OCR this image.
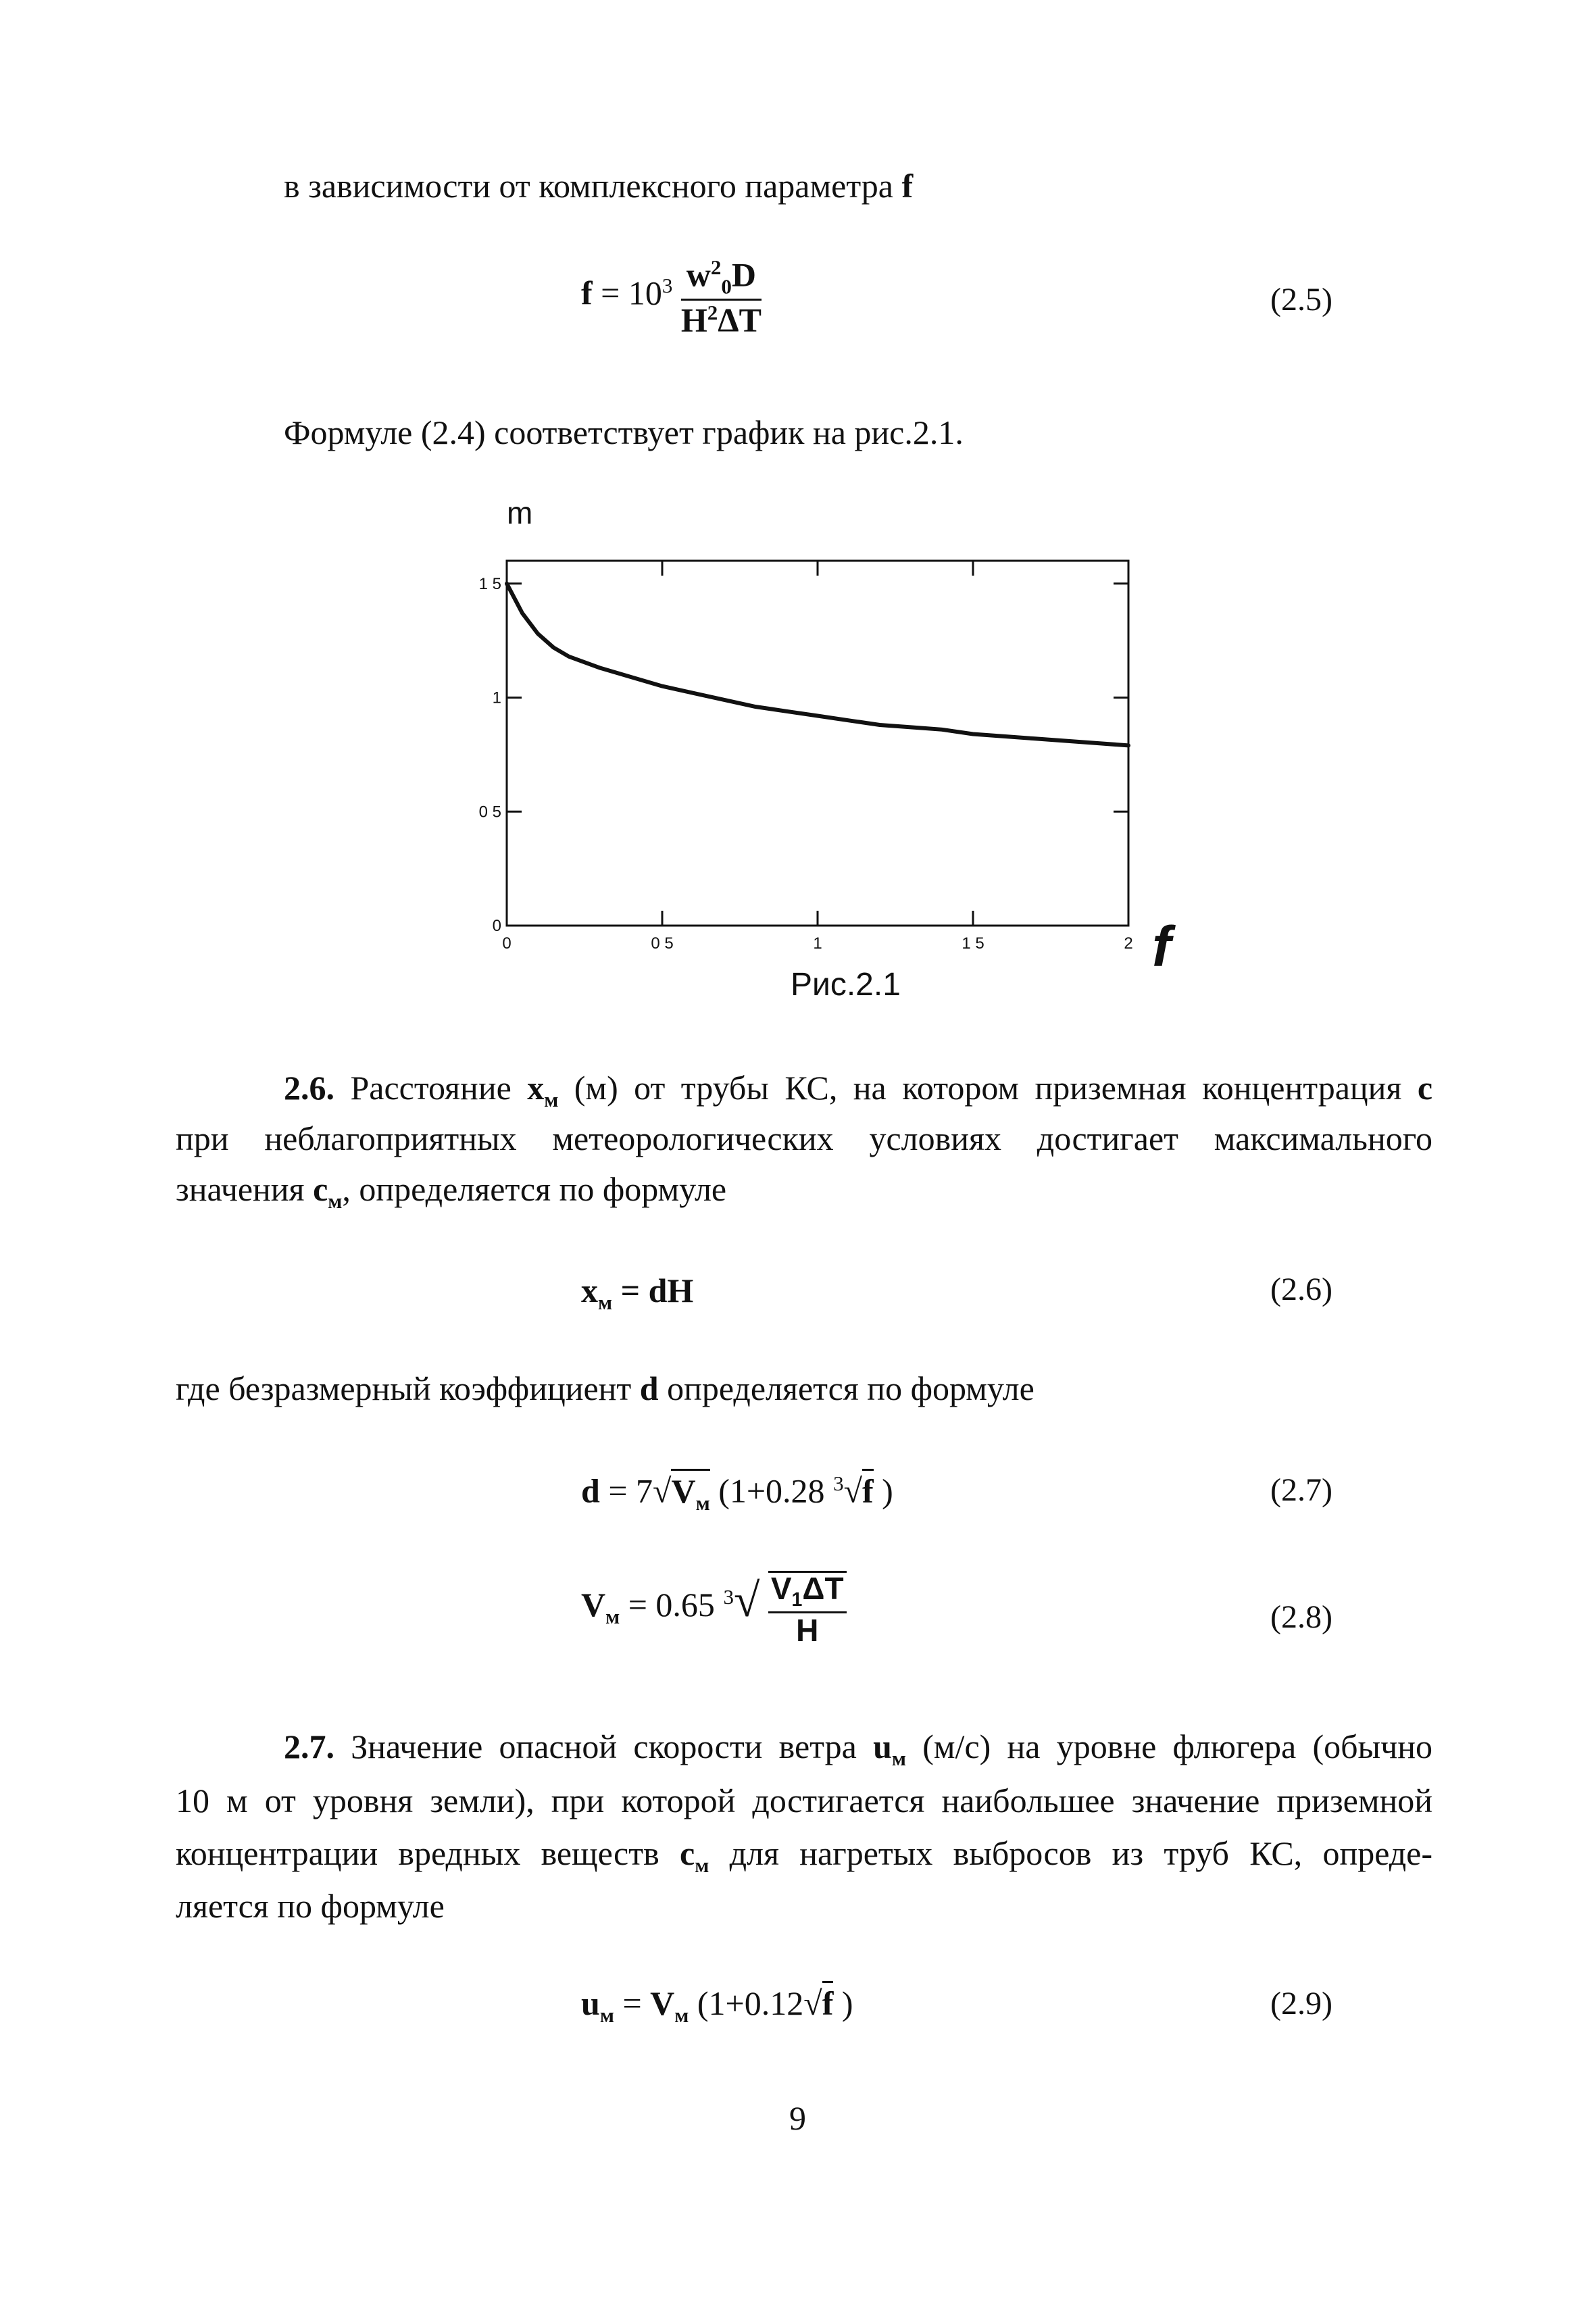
в зависимости от комплексного параметра f
$f = 10^3 \frac{w^2_0D}{H^2\Delta T}$	(2.5)
Формуле (2.4) соответствует график на рис.2.1.
m
0	0 5	1	1 5	2
0
0 5
1
1 5
f
Рис.2.1
2.6. Расстояние $x_м$ (м) от трубы КС, на котором приземная концентрация c
при неблагоприятных метеорологических условиях достигает максимального
значения $c_м$, определяется по формуле
$x_м$ = dH	(2.6)
где безразмерный коэффициент d определяется по формуле
$d = 7√V_м$ (1+0.28 $^3$√f )	(2.7)
$V_м = 0.65$ $^3√ \frac{V_1\Delta T}{H}$	(2.8)
2.7. Значение опасной скорости ветра $u_м$ (м/с) на уровне флюгера (обычно
10 м от уровня земли), при которой достигается наибольшее значение приземной
концентрации вредных веществ $c_м$ для нагретых выбросов из труб КС, опреде-
ляется по формуле
$u_м = V_м$ (1+0.12√f )	(2.9)
9
